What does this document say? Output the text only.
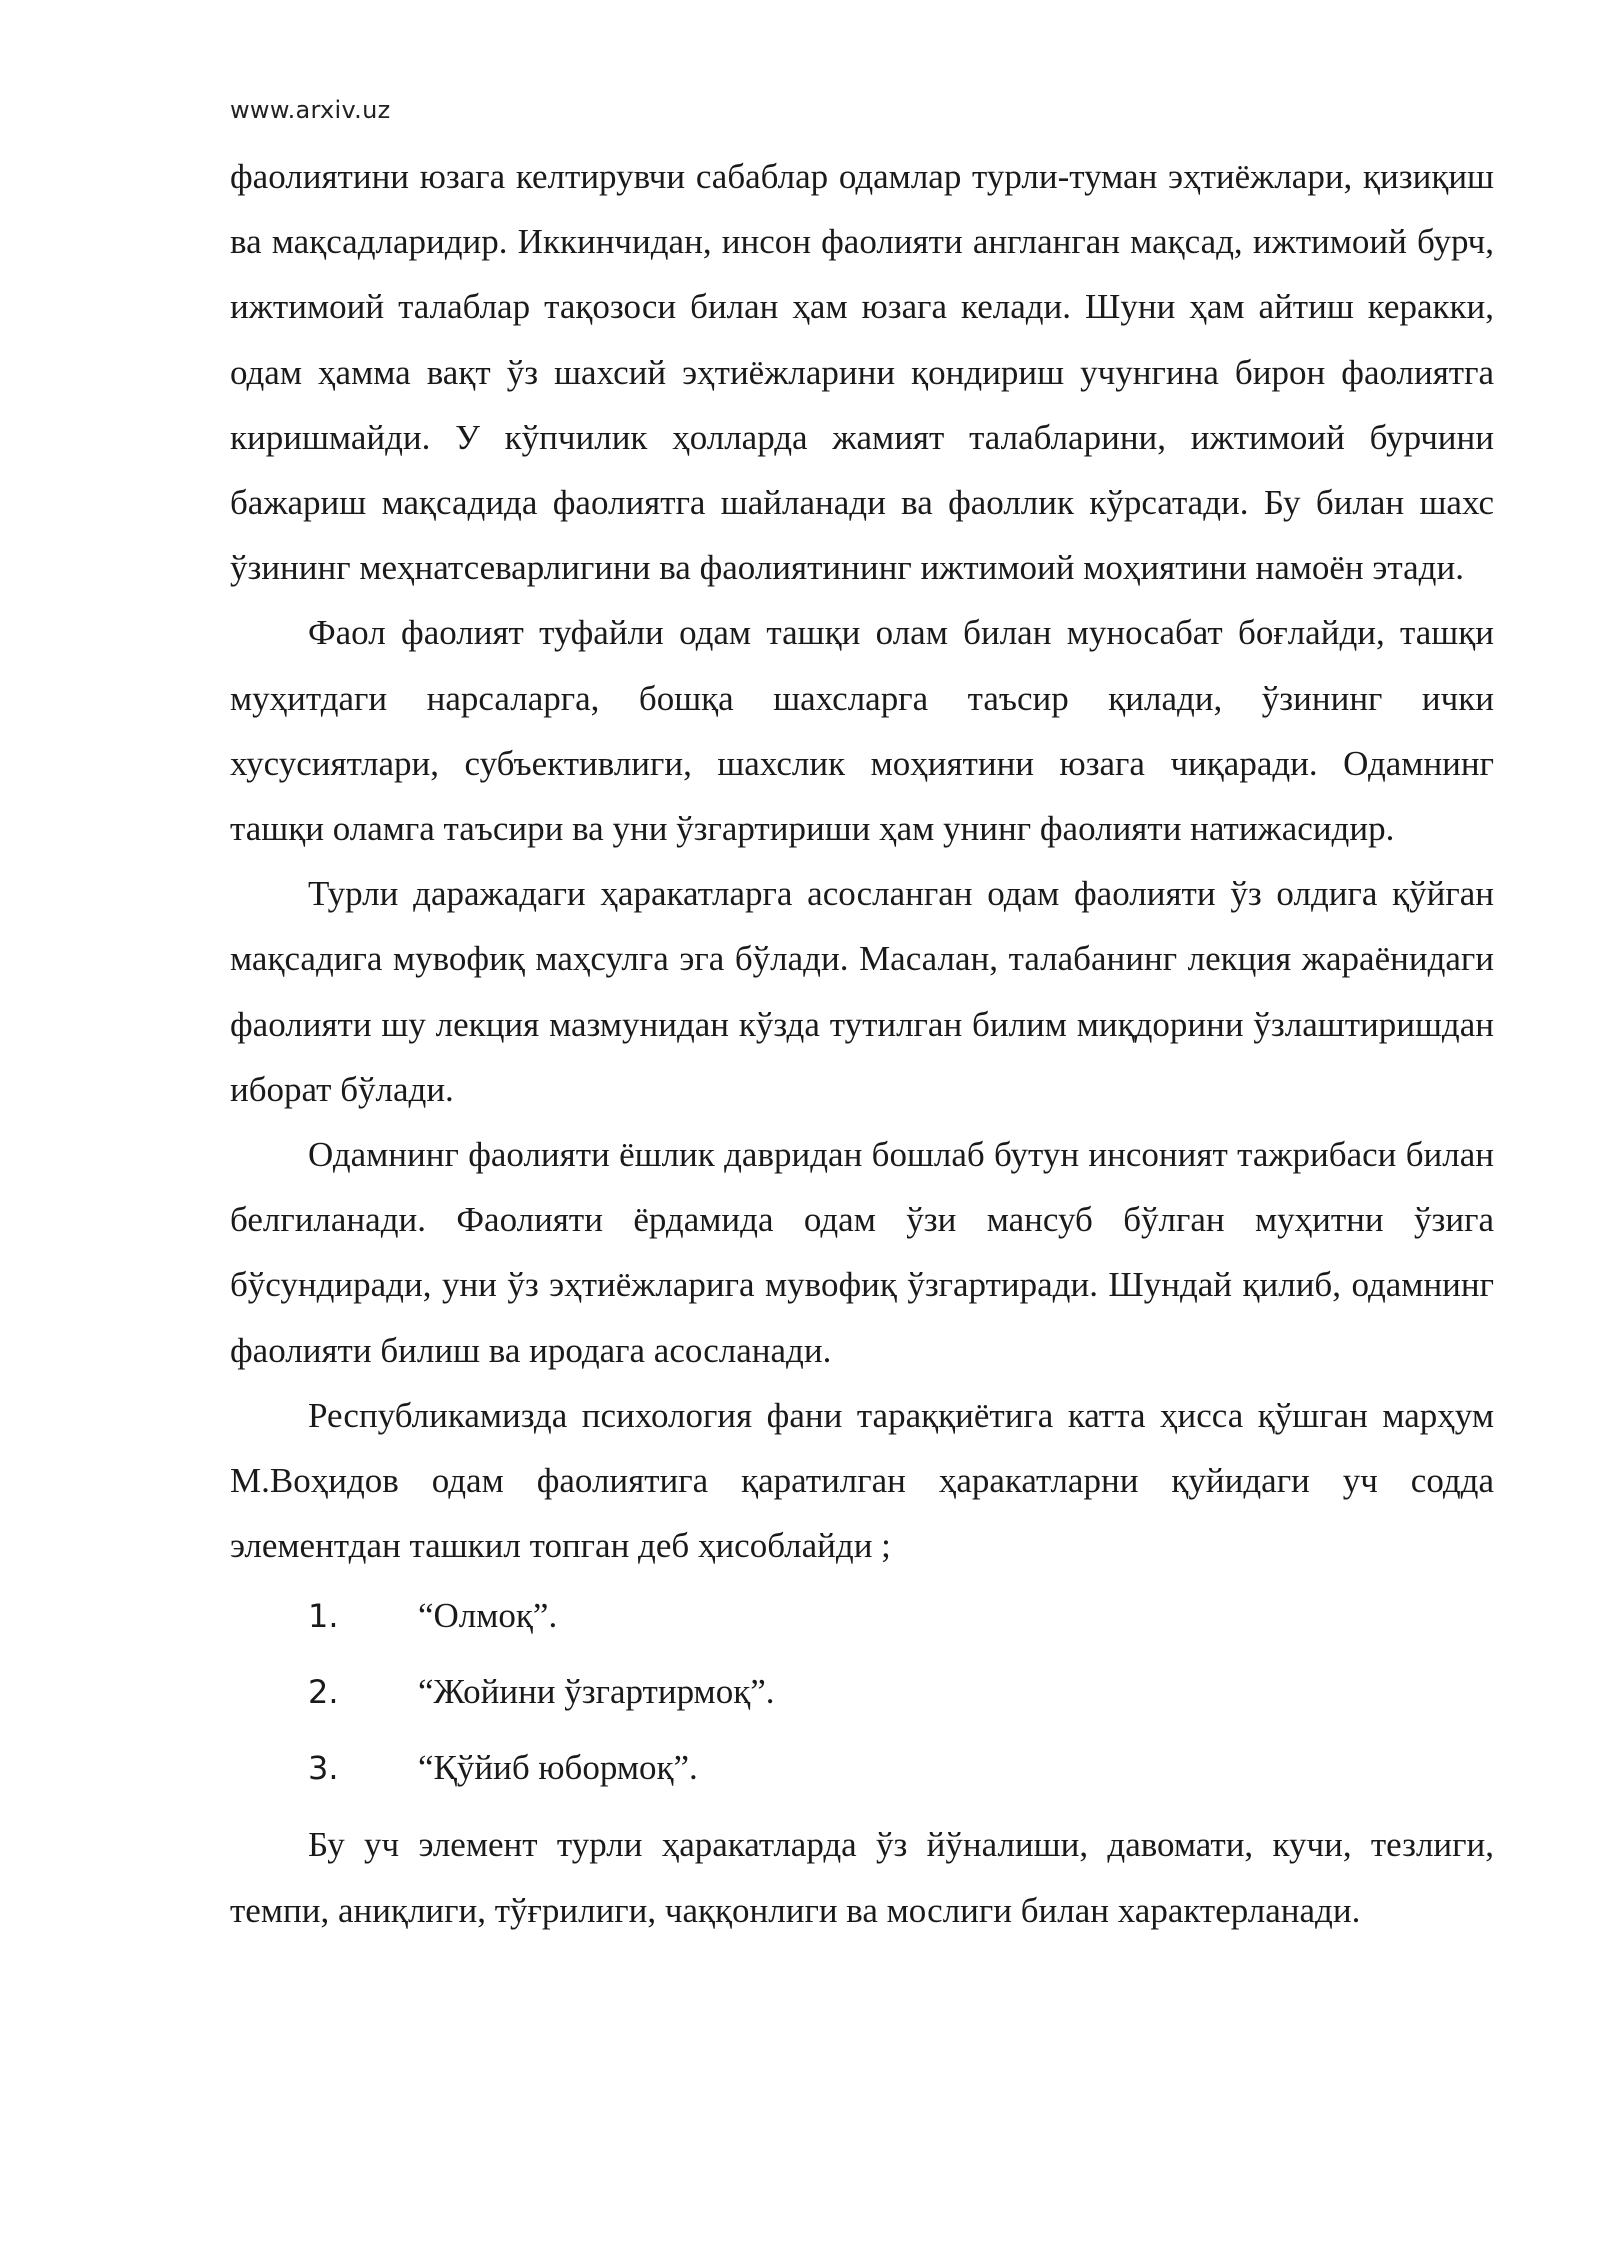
www.arxiv.uz

фаолиятини юзага келтирувчи сабаблар одамлар турли-туман эҳтиёжлари, қизиқиш ва мақсадларидир. Иккинчидан, инсон фаолияти англанган мақсад, ижтимоий бурч, ижтимоий талаблар тақозоси билан ҳам юзага келади. Шуни ҳам айтиш керакки, одам ҳамма вақт ўз шахсий эҳтиёжларини қондириш учунгина бирон фаолиятга киришмайди. У кўпчилик ҳолларда жамият талабларини, ижтимоий бурчини бажариш мақсадида фаолиятга шайланади ва фаоллик кўрсатади. Бу билан шахс ўзининг меҳнатсеварлигини ва фаолиятининг ижтимоий моҳиятини намоён этади.

Фаол фаолият туфайли одам ташқи олам билан муносабат боғлайди, ташқи муҳитдаги нарсаларга, бошқа шахсларга таъсир қилади, ўзининг ички хусусиятлари, субъективлиги, шахслик моҳиятини юзага чиқаради. Одамнинг ташқи оламга таъсири ва уни ўзгартириши ҳам унинг фаолияти натижасидир.

Турли даражадаги ҳаракатларга асосланган одам фаолияти ўз олдига қўйган мақсадига мувофиқ маҳсулга эга бўлади. Масалан, талабанинг лекция жараёнидаги фаолияти шу лекция мазмунидан кўзда тутилган билим миқдорини ўзлаштиришдан иборат бўлади.

Одамнинг фаолияти ёшлик давридан бошлаб бутун инсоният тажрибаси билан белгиланади. Фаолияти ёрдамида одам ўзи мансуб бўлган муҳитни ўзига бўсундиради, уни ўз эҳтиёжларига мувофиқ ўзгартиради. Шундай қилиб, одамнинг фаолияти билиш ва иродага асосланади.

Республикамизда психология фани тараққиётига катта ҳисса қўшган марҳум М.Воҳидов одам фаолиятига қаратилган ҳаракатларни қуйидаги уч содда элементдан ташкил топган деб ҳисоблайди ;

1. “Олмоқ”.
2. “Жойини ўзгартирмоқ”.
3. “Қўйиб юбормоқ”.

Бу уч элемент турли ҳаракатларда ўз йўналиши, давомати, кучи, тезлиги, темпи, аниқлиги, тўғрилиги, чаққонлиги ва мослиги билан характерланади.
